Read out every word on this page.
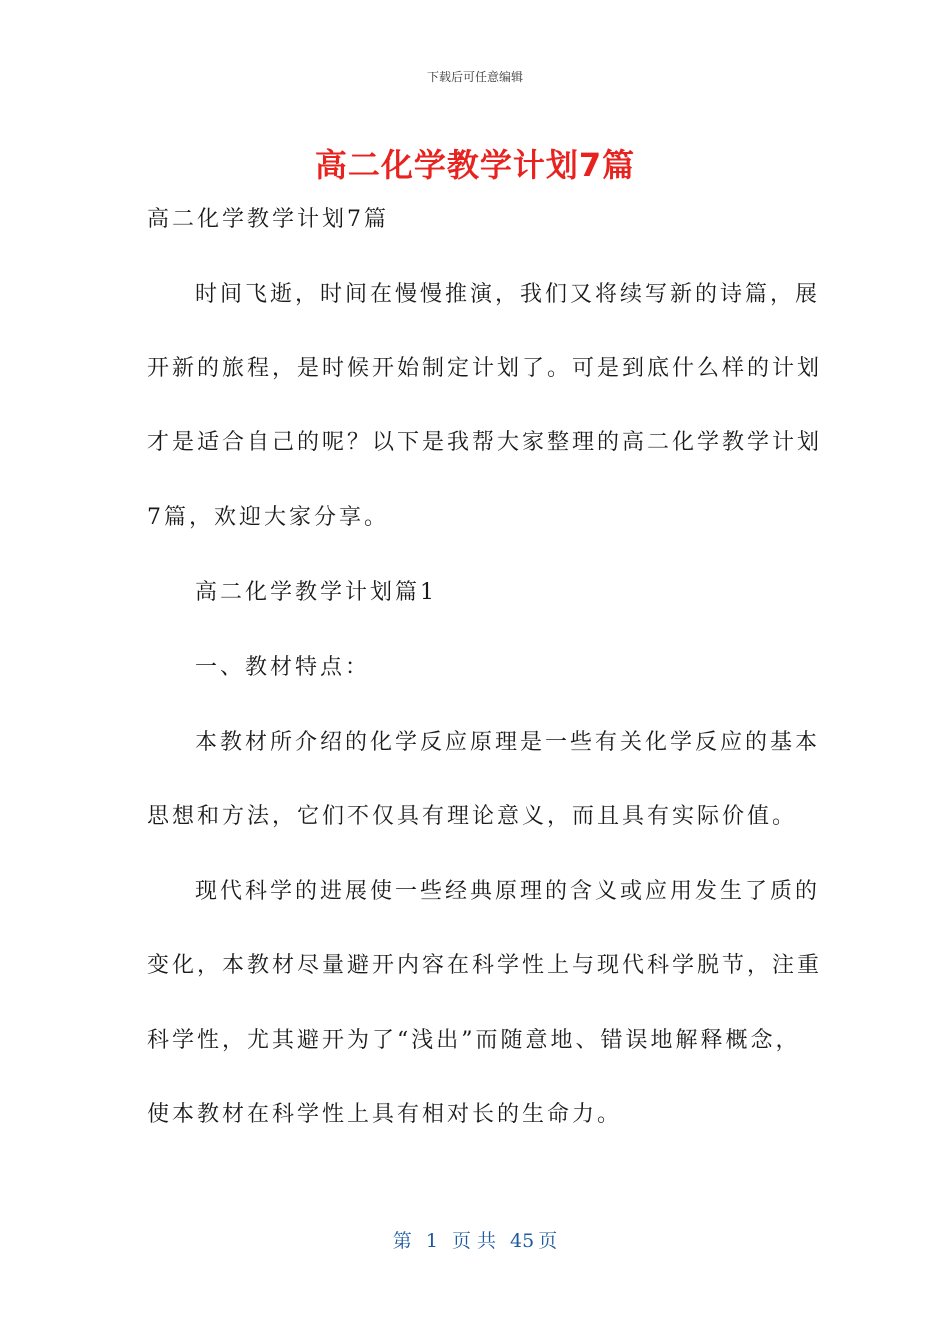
下载后可任意编辑
高二化学教学计划7篇
高二化学教学计划7篇
时间飞逝，时间在慢慢推演，我们又将续写新的诗篇，展
开新的旅程，是时候开始制定计划了。可是到底什么样的计划
才是适合自己的呢？以下是我帮大家整理的高二化学教学计划
7篇，欢迎大家分享。
高二化学教学计划篇1
一、教材特点：
本教材所介绍的化学反应原理是一些有关化学反应的基本
思想和方法，它们不仅具有理论意义，而且具有实际价值。
现代科学的进展使一些经典原理的含义或应用发生了质的
变化，本教材尽量避开内容在科学性上与现代科学脱节，注重
科学性，尤其避开为了“浅出”而随意地、错误地解释概念，
使本教材在科学性上具有相对长的生命力。
第 1 页 共 45 页
